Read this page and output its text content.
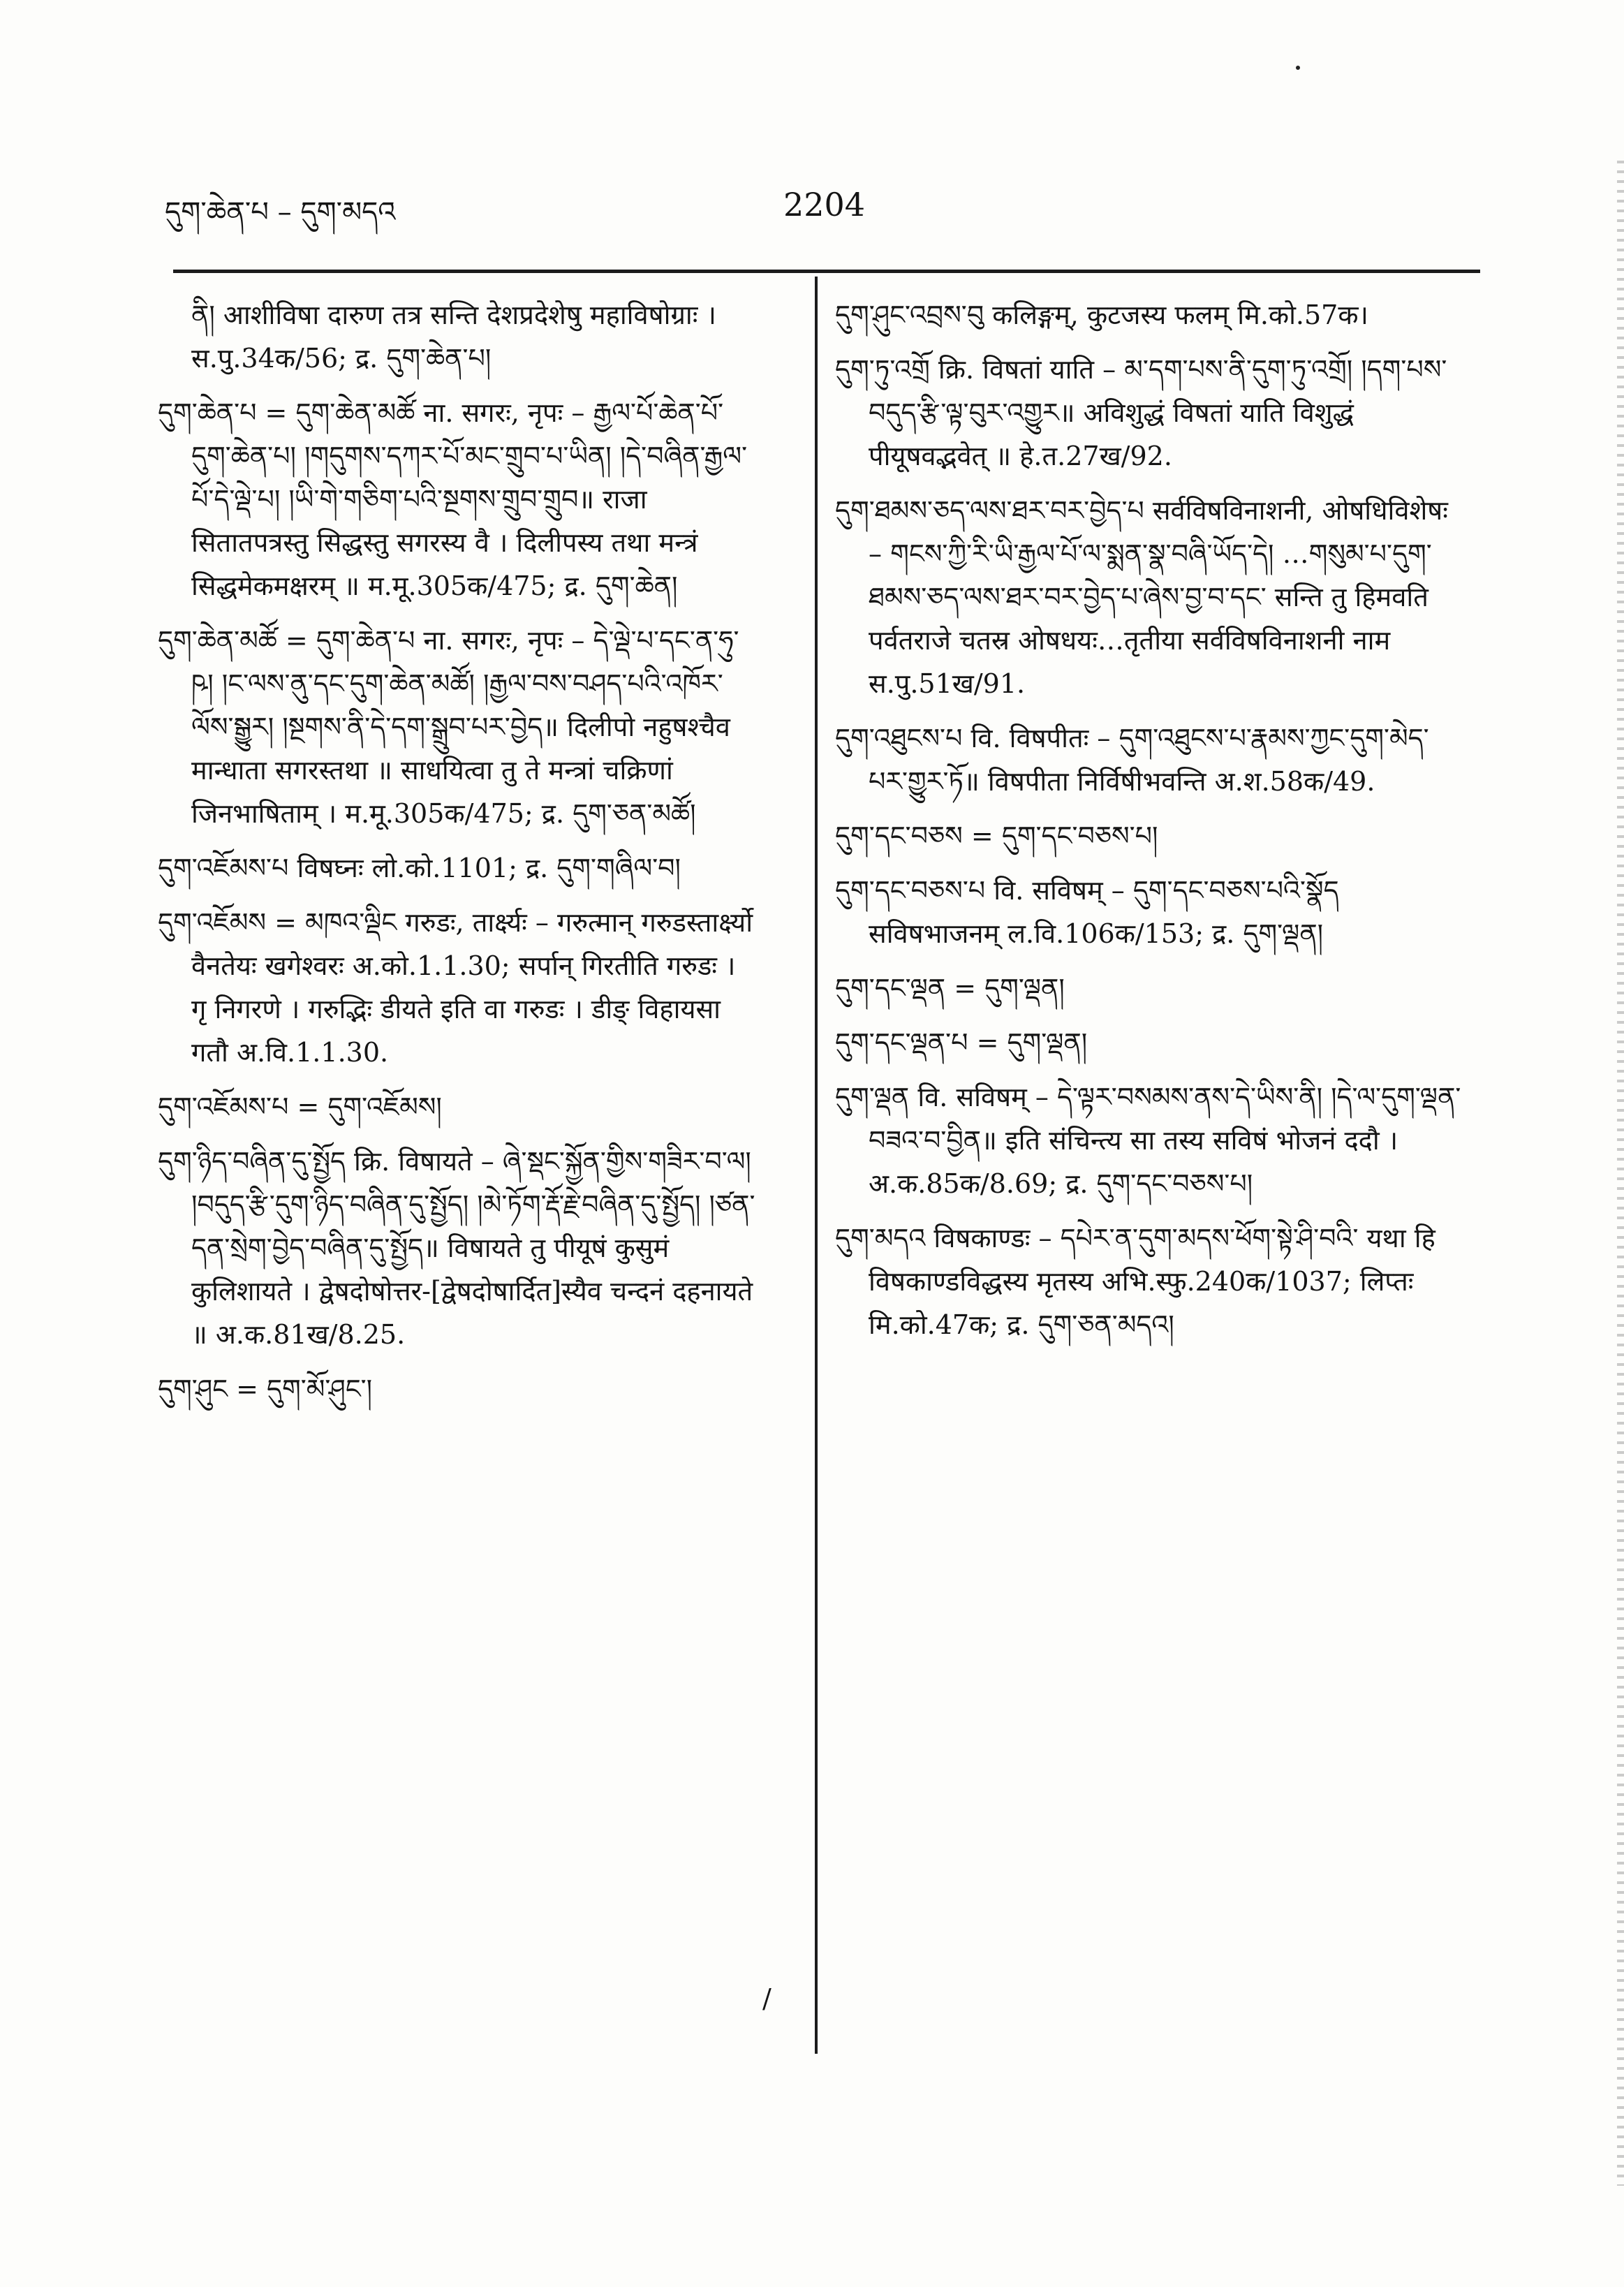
དུག་ཆེན་པ – དུག་མདའ	2204
ནི། आशीविषा दारुण तत्र सन्ति देशप्रदेशेषु महाविषोग्राः । स.पु.34क/56; द्र. དུག་ཆེན་པ།
དུག་ཆེན་པ = དུག་ཆེན་མཚོ ना. सगरः, नृपः – རྒྱལ་པོ་ཆེན་པོ་དུག་ཆེན་པ། །གདུགས་དཀར་པོ་མང་གྲུབ་པ་ཡིན། །དེ་བཞིན་རྒྱལ་པོ་དེ་ལྡེ་པ། །ཡི་གེ་གཅིག་པའི་སྔགས་གྲུབ་གྲུབ॥ राजा सितातपत्रस्तु सिद्धस्तु सगरस्य वै । दिलीपस्य तथा मन्त्रं सिद्धमेकमक्षरम् ॥ म.मू.305क/475; द्र. དུག་ཆེན།
དུག་ཆེན་མཚོ = དུག་ཆེན་པ ना. सगरः, नृपः – དེ་ལྡེ་པ་དང་ན་ཧུ་ཥ། །ང་ལས་ནུ་དང་དུག་ཆེན་མཚོ། །རྒྱལ་བས་བཤད་པའི་འཁོར་ལོས་སྒྱུར། །སྔགས་ནི་དེ་དག་སྒྲུབ་པར་བྱེད॥ दिलीपो नहुषश्चैव मान्धाता सगरस्तथा ॥ साधयित्वा तु ते मन्त्रां चक्रिणां जिनभाषिताम् । म.मू.305क/475; द्र. དུག་ཅན་མཚོ།
དུག་འཇོམས་པ विषघ्नः लो.को.1101; द्र. དུག་གཞིལ་བ།
དུག་འཇོམས = མཁའ་ལྡིང गरुडः, तार्क्ष्यः – गरुत्मान् गरुडस्तार्क्ष्यो वैनतेयः खगेश्वरः अ.को.1.1.30; सर्पान् गिरतीति गरुडः । गृ निगरणे । गरुद्भिः डीयते इति वा गरुडः । डीङ् विहायसा गतौ अ.वि.1.1.30.
དུག་འཇོམས་པ = དུག་འཇོམས།
དུག་ཉིད་བཞིན་དུ་སྤྱོད क्रि. विषायते – ཞེ་སྡང་སྐྱོན་གྱིས་གཟིར་བ་ལ། །བདུད་རྩི་དུག་ཉིད་བཞིན་དུ་སྤྱོད། །མེ་ཏོག་རྡོ་རྗེ་བཞིན་དུ་སྤྱོད། །ཙན་དན་སྲེག་བྱེད་བཞིན་དུ་སྤྱོད॥ विषायते तु पीयूषं कुसुमं कुलिशायते । द्वेषदोषोत्तर-[द्वेषदोषार्दित]स्यैव चन्दनं दहनायते ॥ अ.क.81ख/8.25.
དུག་ཤུང = དུག་མོ་ཤུང་།
དུག་ཤུང་འབྲས་བུ कलिङ्गम्, कुटजस्य फलम् मि.को.57क।
དུག་ཏུ་འགྲོ क्रि. विषतां याति – མ་དག་པས་ནི་དུག་ཏུ་འགྲོ། །དག་པས་བདུད་རྩི་ལྟ་བུར་འགྱུར॥ अविशुद्धं विषतां याति विशुद्धं पीयूषवद्भवेत् ॥ हे.त.27ख/92.
དུག་ཐམས་ཅད་ལས་ཐར་བར་བྱེད་པ सर्वविषविनाशनी, ओषधिविशेषः – གངས་ཀྱི་རི་ཡི་རྒྱལ་པོ་ལ་སྨན་སྣ་བཞི་ཡོད་དེ། …གསུམ་པ་དུག་ཐམས་ཅད་ལས་ཐར་བར་བྱེད་པ་ཞེས་བྱ་བ་དང་ सन्ति तु हिमवति पर्वतराजे चतस्र ओषधयः…तृतीया सर्वविषविनाशनी नाम स.पु.51ख/91.
དུག་འཐུངས་པ वि. विषपीतः – དུག་འཐུངས་པ་རྣམས་ཀྱང་དུག་མེད་པར་གྱུར་ཏོ॥ विषपीता निर्विषीभवन्ति अ.श.58क/49.
དུག་དང་བཅས = དུག་དང་བཅས་པ།
དུག་དང་བཅས་པ वि. सविषम् – དུག་དང་བཅས་པའི་སྣོད सविषभाजनम् ल.वि.106क/153; द्र. དུག་ལྡན།
དུག་དང་ལྡན = དུག་ལྡན།
དུག་དང་ལྡན་པ = དུག་ལྡན།
དུག་ལྡན वि. सविषम् – དེ་ལྟར་བསམས་ནས་དེ་ཡིས་ནི། །དེ་ལ་དུག་ལྡན་བཟའ་བ་བྱིན॥ इति संचिन्त्य सा तस्य सविषं भोजनं ददौ । अ.क.85क/8.69; द्र. དུག་དང་བཅས་པ།
དུག་མདའ विषकाण्डः – དཔེར་ན་དུག་མདས་ཕོག་སྟེ་ཤི་བའི་ यथा हि विषकाण्डविद्धस्य मृतस्य अभि.स्फु.240क/1037; लिप्तः मि.को.47क; द्र. དུག་ཅན་མདའ།
/
